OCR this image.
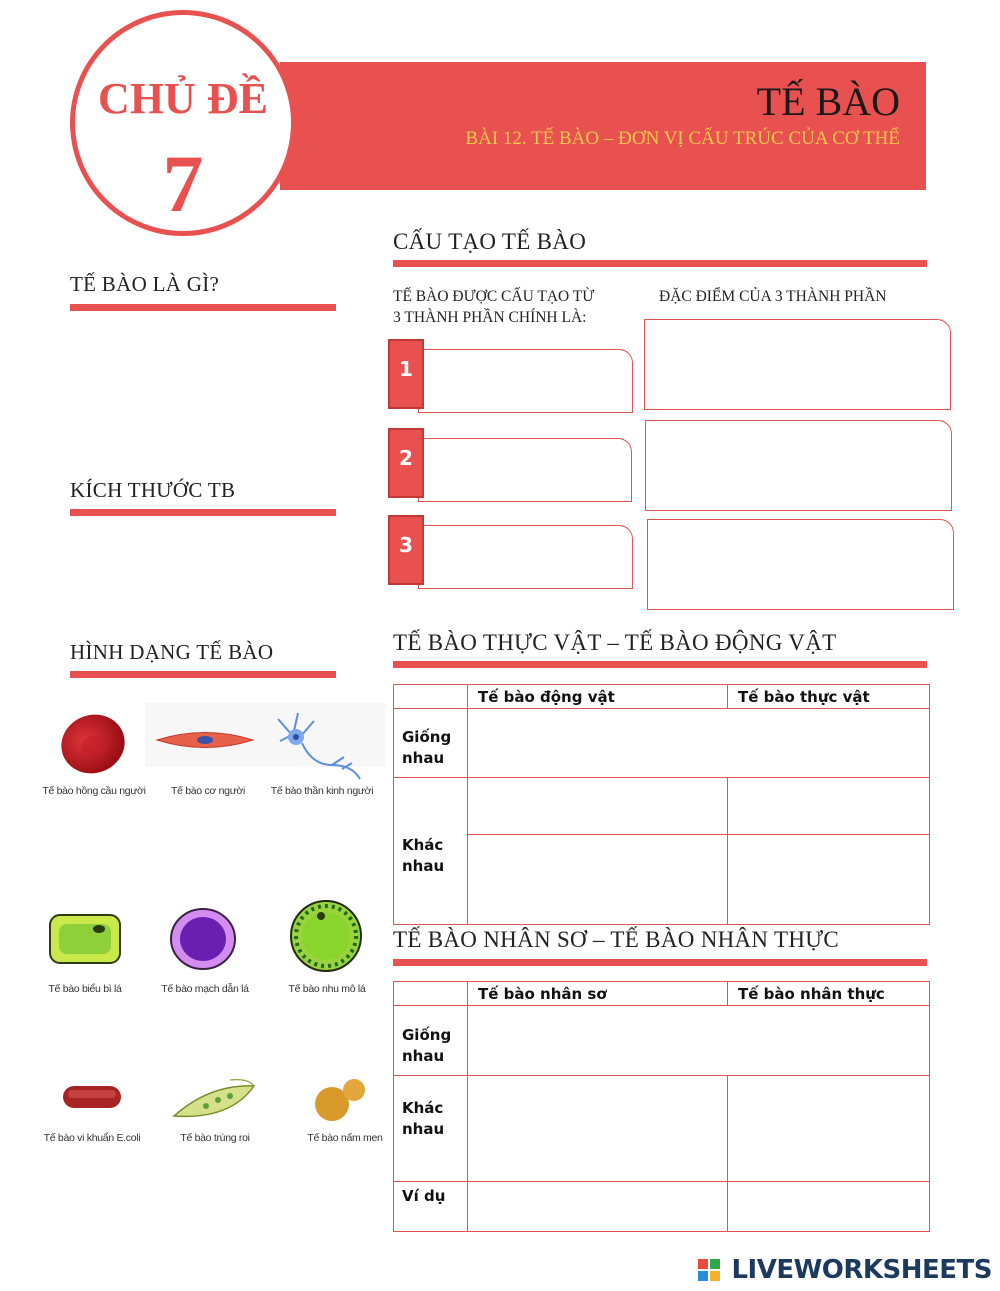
CHỦ ĐỀ
7
TẾ BÀO
BÀI 12. TẾ BÀO – ĐƠN VỊ CẤU TRÚC CỦA CƠ THỂ
TẾ BÀO LÀ GÌ?
KÍCH THƯỚC TB
HÌNH DẠNG TẾ BÀO
CẤU TẠO TẾ BÀO
TẾ BÀO ĐƯỢC CẤU TẠO TỪ
3 THÀNH PHẦN CHÍNH LÀ:
ĐẶC ĐIỂM CỦA 3 THÀNH PHẦN
1
2
3
TẾ BÀO THỰC VẬT – TẾ BÀO ĐỘNG VẬT
	Tế bào động vật	Tế bào thực vật

Giống
nhau		

Khác
nhau		

TẾ BÀO NHÂN SƠ – TẾ BÀO NHÂN THỰC
	Tế bào nhân sơ	Tế bào nhân thực

Giống
nhau		

Khác
nhau		

Ví dụ		
Tế bào hồng cầu người	Tế bào cơ người	Tế bào thần kinh người
Tế bào biểu bì lá	Tế bào mạch dẫn lá	Tế bào nhu mô lá
Tế bào vi khuẩn E.coli	Tế bào trùng roi	Tế bào nấm men
LIVEWORKSHEETS
